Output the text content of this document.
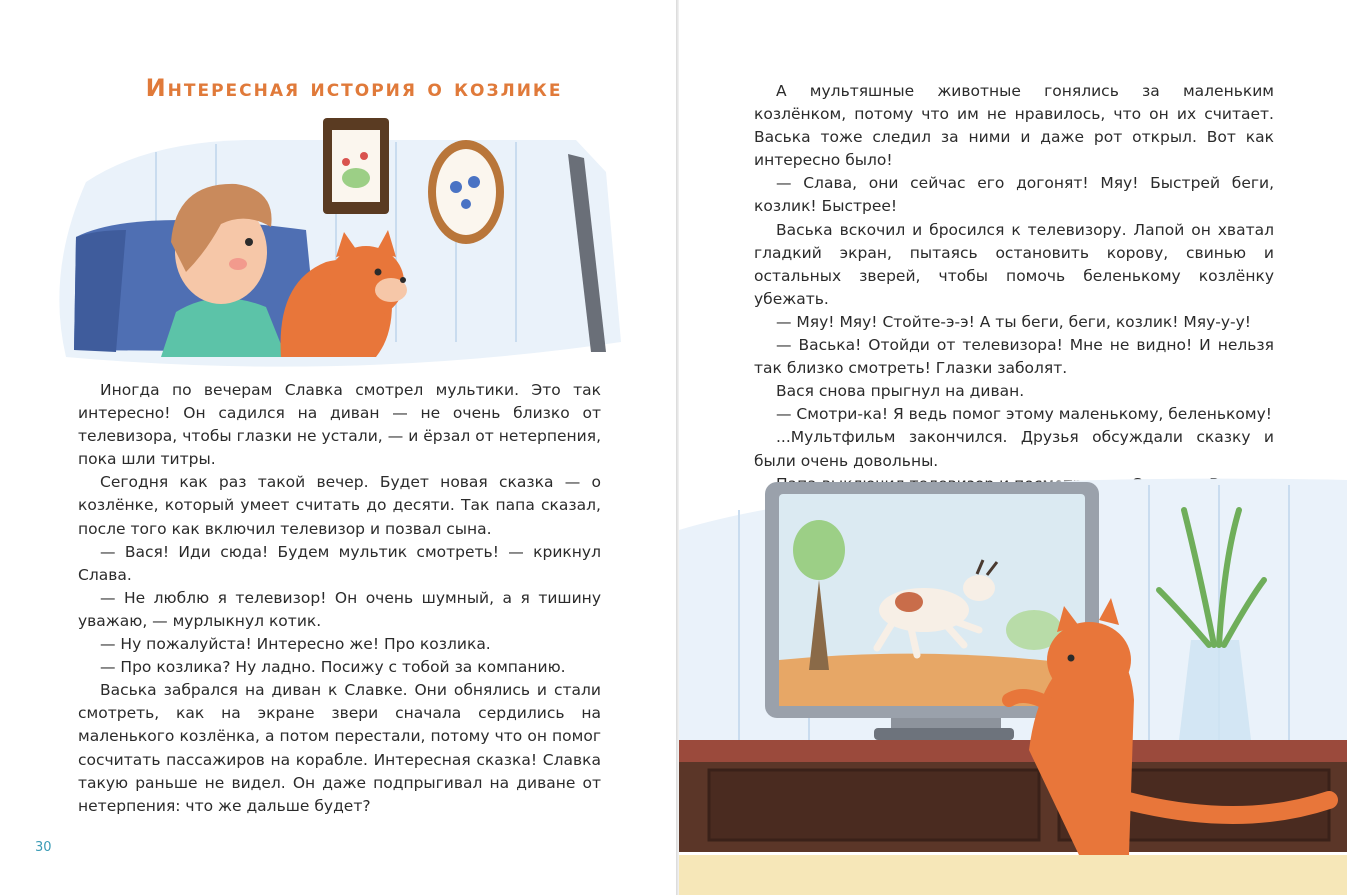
Интересная история о козлике

Иногда по вечерам Славка смотрел мультики. Это так интересно! Он садился на диван — не очень близко от телевизора, чтобы глазки не устали, — и ёрзал от нетерпения, пока шли титры.

Сегодня как раз такой вечер. Будет новая сказка — о козлёнке, который умеет считать до десяти. Так папа сказал, после того как включил телевизор и позвал сына.

— Вася! Иди сюда! Будем мультик смотреть! — крикнул Слава.

— Не люблю я телевизор! Он очень шумный, а я тишину уважаю, — мурлыкнул котик.

— Ну пожалуйста! Интересно же! Про козлика.

— Про козлика? Ну ладно. Посижу с тобой за компанию.

Васька забрался на диван к Славке. Они обнялись и стали смотреть, как на экране звери сначала сердились на маленького козлёнка, а потом перестали, потому что он помог сосчитать пассажиров на корабле. Интересная сказка! Славка такую раньше не видел. Он даже подпрыгивал на диване от нетерпения: что же дальше будет?

30

А мультяшные животные гонялись за маленьким козлёнком, потому что им не нравилось, что он их считает. Васька тоже следил за ними и даже рот открыл. Вот как интересно было!

— Слава, они сейчас его догонят! Мяу! Быстрей беги, козлик! Быстрее!

Васька вскочил и бросился к телевизору. Лапой он хватал гладкий экран, пытаясь остановить корову, свинью и остальных зверей, чтобы помочь беленькому козлёнку убежать.

— Мяу! Мяу! Стойте-э-э! А ты беги, беги, козлик! Мяу-у-у!

— Васька! Отойди от телевизора! Мне не видно! И нельзя так близко смотреть! Глазки заболят.

Вася снова прыгнул на диван.

— Смотри-ка! Я ведь помог этому маленькому, беленькому!

...Мультфильм закончился. Друзья обсуждали сказку и были очень довольны.
